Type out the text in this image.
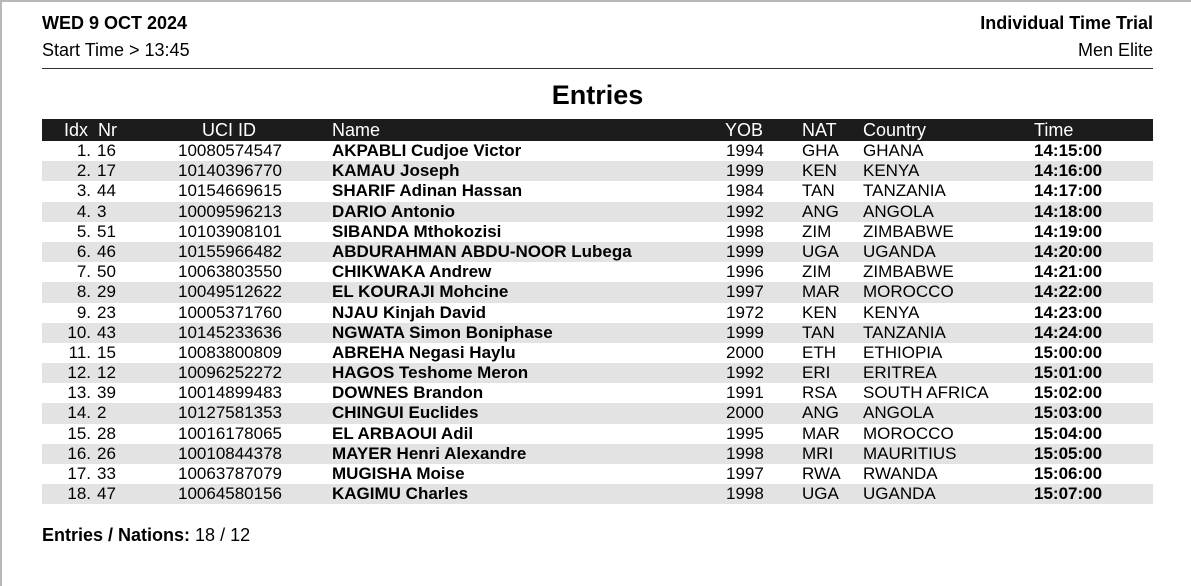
WED 9 OCT 2024
Start Time > 13:45
Individual Time Trial
Men Elite
Entries
Idx Nr	UCI ID	Name	YOB NAT Country	Time
1. 16	10080574547	AKPABLI Cudjoe Victor	1994 GHA GHANA	14:15:00
2. 17	10140396770	KAMAU Joseph	1999 KEN KENYA	14:16:00
3. 44	10154669615	SHARIF Adinan Hassan	1984 TAN TANZANIA	14:17:00
4. 3	10009596213	DARIO Antonio	1992 ANG ANGOLA	14:18:00
5. 51	10103908101	SIBANDA Mthokozisi	1998 ZIM ZIMBABWE	14:19:00
6. 46	10155966482	ABDURAHMAN ABDU-NOOR Lubega	1999 UGA UGANDA	14:20:00
7. 50	10063803550	CHIKWAKA Andrew	1996 ZIM ZIMBABWE	14:21:00
8. 29	10049512622	EL KOURAJI Mohcine	1997 MAR MOROCCO	14:22:00
9. 23	10005371760	NJAU Kinjah David	1972 KEN KENYA	14:23:00
10. 43	10145233636	NGWATA Simon Boniphase	1999 TAN TANZANIA	14:24:00
11. 15	10083800809	ABREHA Negasi Haylu	2000 ETH ETHIOPIA	15:00:00
12. 12	10096252272	HAGOS Teshome Meron	1992 ERI ERITREA	15:01:00
13. 39	10014899483	DOWNES Brandon	1991 RSA SOUTH AFRICA	15:02:00
14. 2	10127581353	CHINGUI Euclides	2000 ANG ANGOLA	15:03:00
15. 28	10016178065	EL ARBAOUI Adil	1995 MAR MOROCCO	15:04:00
16. 26	10010844378	MAYER Henri Alexandre	1998 MRI MAURITIUS	15:05:00
17. 33	10063787079	MUGISHA Moise	1997 RWA RWANDA	15:06:00
18. 47	10064580156	KAGIMU Charles	1998 UGA UGANDA	15:07:00
Entries / Nations: 18 / 12
